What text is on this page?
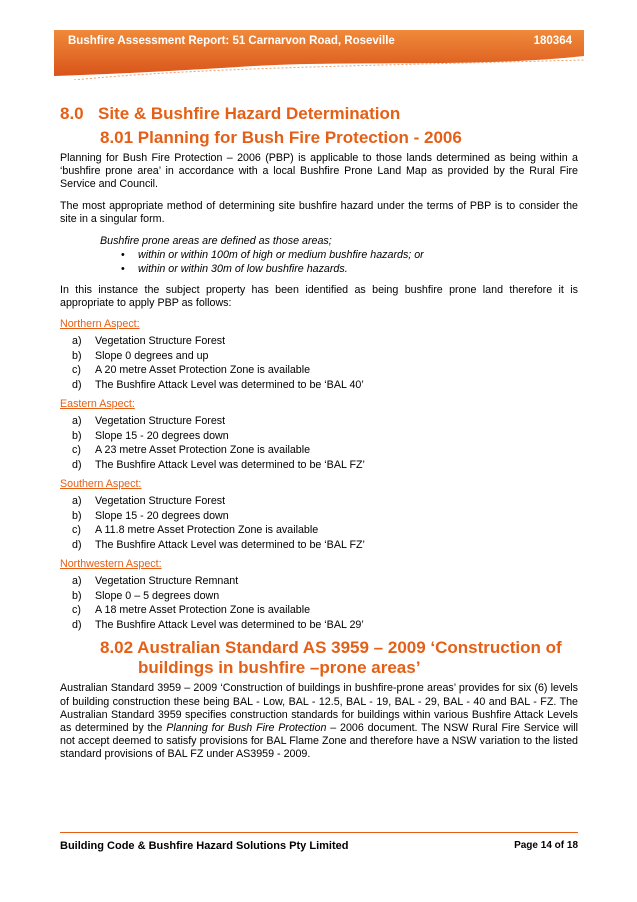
Bushfire Assessment Report: 51 Carnarvon Road, Roseville	180364
8.0 Site & Bushfire Hazard Determination
8.01 Planning for Bush Fire Protection - 2006

Planning for Bush Fire Protection – 2006 (PBP) is applicable to those lands determined as being within a ‘bushfire prone area’ in accordance with a local Bushfire Prone Land Map as provided by the Rural Fire Service and Council.

The most appropriate method of determining site bushfire hazard under the terms of PBP is to consider the site in a singular form.

Bushfire prone areas are defined as those areas;
• within or within 100m of high or medium bushfire hazards; or
• within or within 30m of low bushfire hazards.

In this instance the subject property has been identified as being bushfire prone land therefore it is appropriate to apply PBP as follows:

Northern Aspect:
a) Vegetation Structure Forest
b) Slope 0 degrees and up
c) A 20 metre Asset Protection Zone is available
d) The Bushfire Attack Level was determined to be ‘BAL 40’
Eastern Aspect:
a) Vegetation Structure Forest
b) Slope 15 - 20 degrees down
c) A 23 metre Asset Protection Zone is available
d) The Bushfire Attack Level was determined to be ‘BAL FZ’
Southern Aspect:
a) Vegetation Structure Forest
b) Slope 15 - 20 degrees down
c) A 11.8 metre Asset Protection Zone is available
d) The Bushfire Attack Level was determined to be ‘BAL FZ’
Northwestern Aspect:
a) Vegetation Structure Remnant
b) Slope 0 – 5 degrees down
c) A 18 metre Asset Protection Zone is available
d) The Bushfire Attack Level was determined to be ‘BAL 29’
8.02 Australian Standard AS 3959 – 2009 ‘Construction of
buildings in bushfire –prone areas’

Australian Standard 3959 – 2009 ‘Construction of buildings in bushfire-prone areas’ provides for six (6) levels of building construction these being BAL - Low, BAL - 12.5, BAL - 19, BAL - 29, BAL - 40 and BAL - FZ. The Australian Standard 3959 specifies construction standards for buildings within various Bushfire Attack Levels as determined by the Planning for Bush Fire Protection – 2006 document. The NSW Rural Fire Service will not accept deemed to satisfy provisions for BAL Flame Zone and therefore have a NSW variation to the listed standard provisions of BAL FZ under AS3959 - 2009.

Building Code & Bushfire Hazard Solutions Pty Limited	Page 14 of 18
